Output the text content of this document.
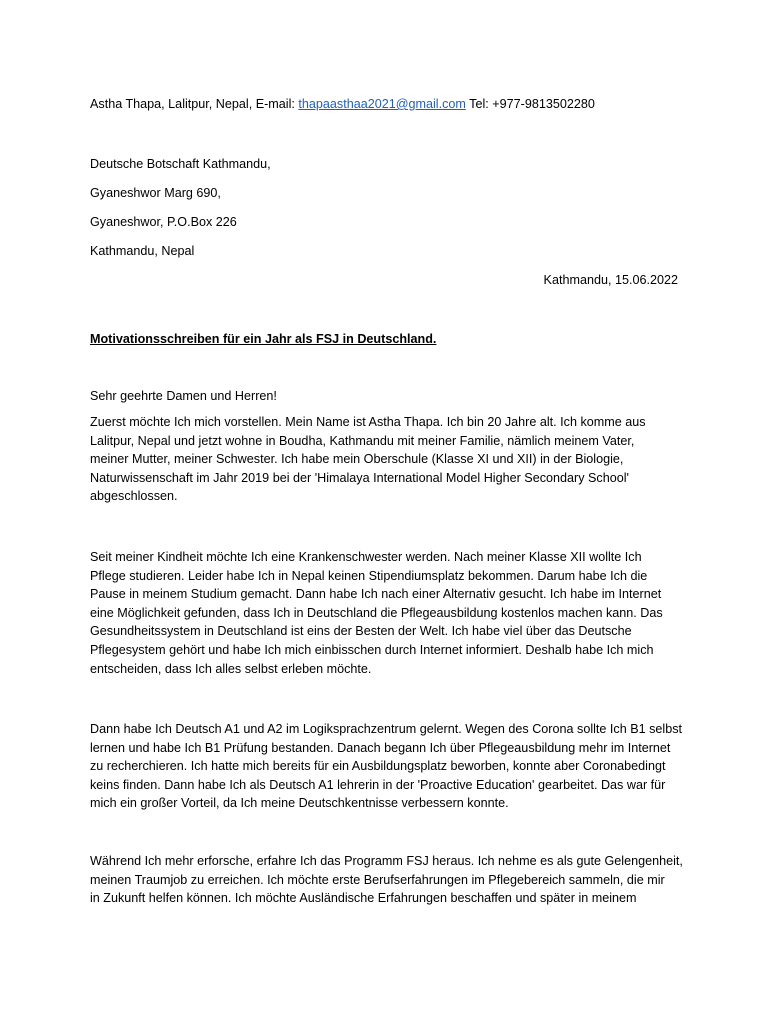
Astha Thapa, Lalitpur, Nepal, E-mail: thapaasthaa2021@gmail.com Tel: +977-9813502280
Deutsche Botschaft Kathmandu,
Gyaneshwor Marg 690,
Gyaneshwor, P.O.Box 226
Kathmandu, Nepal
Kathmandu, 15.06.2022
Motivationsschreiben für ein Jahr als FSJ in Deutschland.
Sehr geehrte Damen und Herren!

Zuerst möchte Ich mich vorstellen. Mein Name ist Astha Thapa. Ich bin 20 Jahre alt. Ich komme aus
Lalitpur, Nepal und jetzt wohne in Boudha, Kathmandu mit meiner Familie, nämlich meinem Vater,
meiner Mutter, meiner Schwester. Ich habe mein Oberschule (Klasse XI und XII) in der Biologie,
Naturwissenschaft im Jahr 2019 bei der 'Himalaya International Model Higher Secondary School'
abgeschlossen.

Seit meiner Kindheit möchte Ich eine Krankenschwester werden. Nach meiner Klasse XII wollte Ich
Pflege studieren. Leider habe Ich in Nepal keinen Stipendiumsplatz bekommen. Darum habe Ich die
Pause in meinem Studium gemacht. Dann habe Ich nach einer Alternativ gesucht. Ich habe im Internet
eine Möglichkeit gefunden, dass Ich in Deutschland die Pflegeausbildung kostenlos machen kann. Das
Gesundheitssystem in Deutschland ist eins der Besten der Welt. Ich habe viel über das Deutsche
Pflegesystem gehört und habe Ich mich einbisschen durch Internet informiert. Deshalb habe Ich mich
entscheiden, dass Ich alles selbst erleben möchte.

Dann habe Ich Deutsch A1 und A2 im Logiksprachzentrum gelernt. Wegen des Corona sollte Ich B1 selbst
lernen und habe Ich B1 Prüfung bestanden. Danach begann Ich über Pflegeausbildung mehr im Internet
zu recherchieren. Ich hatte mich bereits für ein Ausbildungsplatz beworben, konnte aber Coronabedingt
keins finden. Dann habe Ich als Deutsch A1 lehrerin in der 'Proactive Education' gearbeitet. Das war für
mich ein großer Vorteil, da Ich meine Deutschkentnisse verbessern konnte.

Während Ich mehr erforsche, erfahre Ich das Programm FSJ heraus. Ich nehme es als gute Gelengenheit,
meinen Traumjob zu erreichen. Ich möchte erste Berufserfahrungen im Pflegebereich sammeln, die mir
in Zukunft helfen können. Ich möchte Ausländische Erfahrungen beschaffen und später in meinem
